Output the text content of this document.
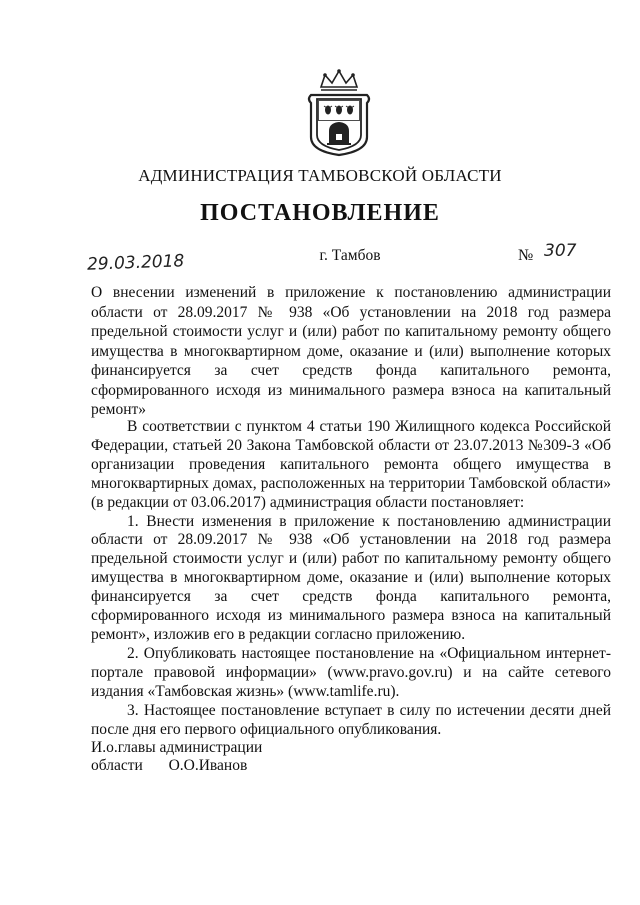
АДМИНИСТРАЦИЯ ТАМБОВСКОЙ ОБЛАСТИ
ПОСТАНОВЛЕНИЕ
29.03.2018	г. Тамбов	№ 307
О внесении изменений в приложение к постановлению администрации области от 28.09.2017 № 938 «Об установлении на 2018 год размера предельной стоимости услуг и (или) работ по капитальному ремонту общего имущества в многоквартирном доме, оказание и (или) выполнение которых финансируется за счет средств фонда капитального ремонта, сформированного исходя из минимального размера взноса на капитальный ремонт»

В соответствии с пунктом 4 статьи 190 Жилищного кодекса Российской Федерации, статьей 20 Закона Тамбовской области от 23.07.2013 №309-З «Об организации проведения капитального ремонта общего имущества в многоквартирных домах, расположенных на территории Тамбовской области» (в редакции от 03.06.2017) администрация области постановляет:

1. Внести изменения в приложение к постановлению администрации области от 28.09.2017 № 938 «Об установлении на 2018 год размера предельной стоимости услуг и (или) работ по капитальному ремонту общего имущества в многоквартирном доме, оказание и (или) выполнение которых финансируется за счет средств фонда капитального ремонта, сформированного исходя из минимального размера взноса на капитальный ремонт», изложив его в редакции согласно приложению.

2. Опубликовать настоящее постановление на «Официальном интернет-портале правовой информации» (www.pravo.gov.ru) и на сайте сетевого издания «Тамбовская жизнь» (www.tamlife.ru).

3. Настоящее постановление вступает в силу по истечении десяти дней после дня его первого официального опубликования.

И.о.главы администрации
области О.О.Иванов
